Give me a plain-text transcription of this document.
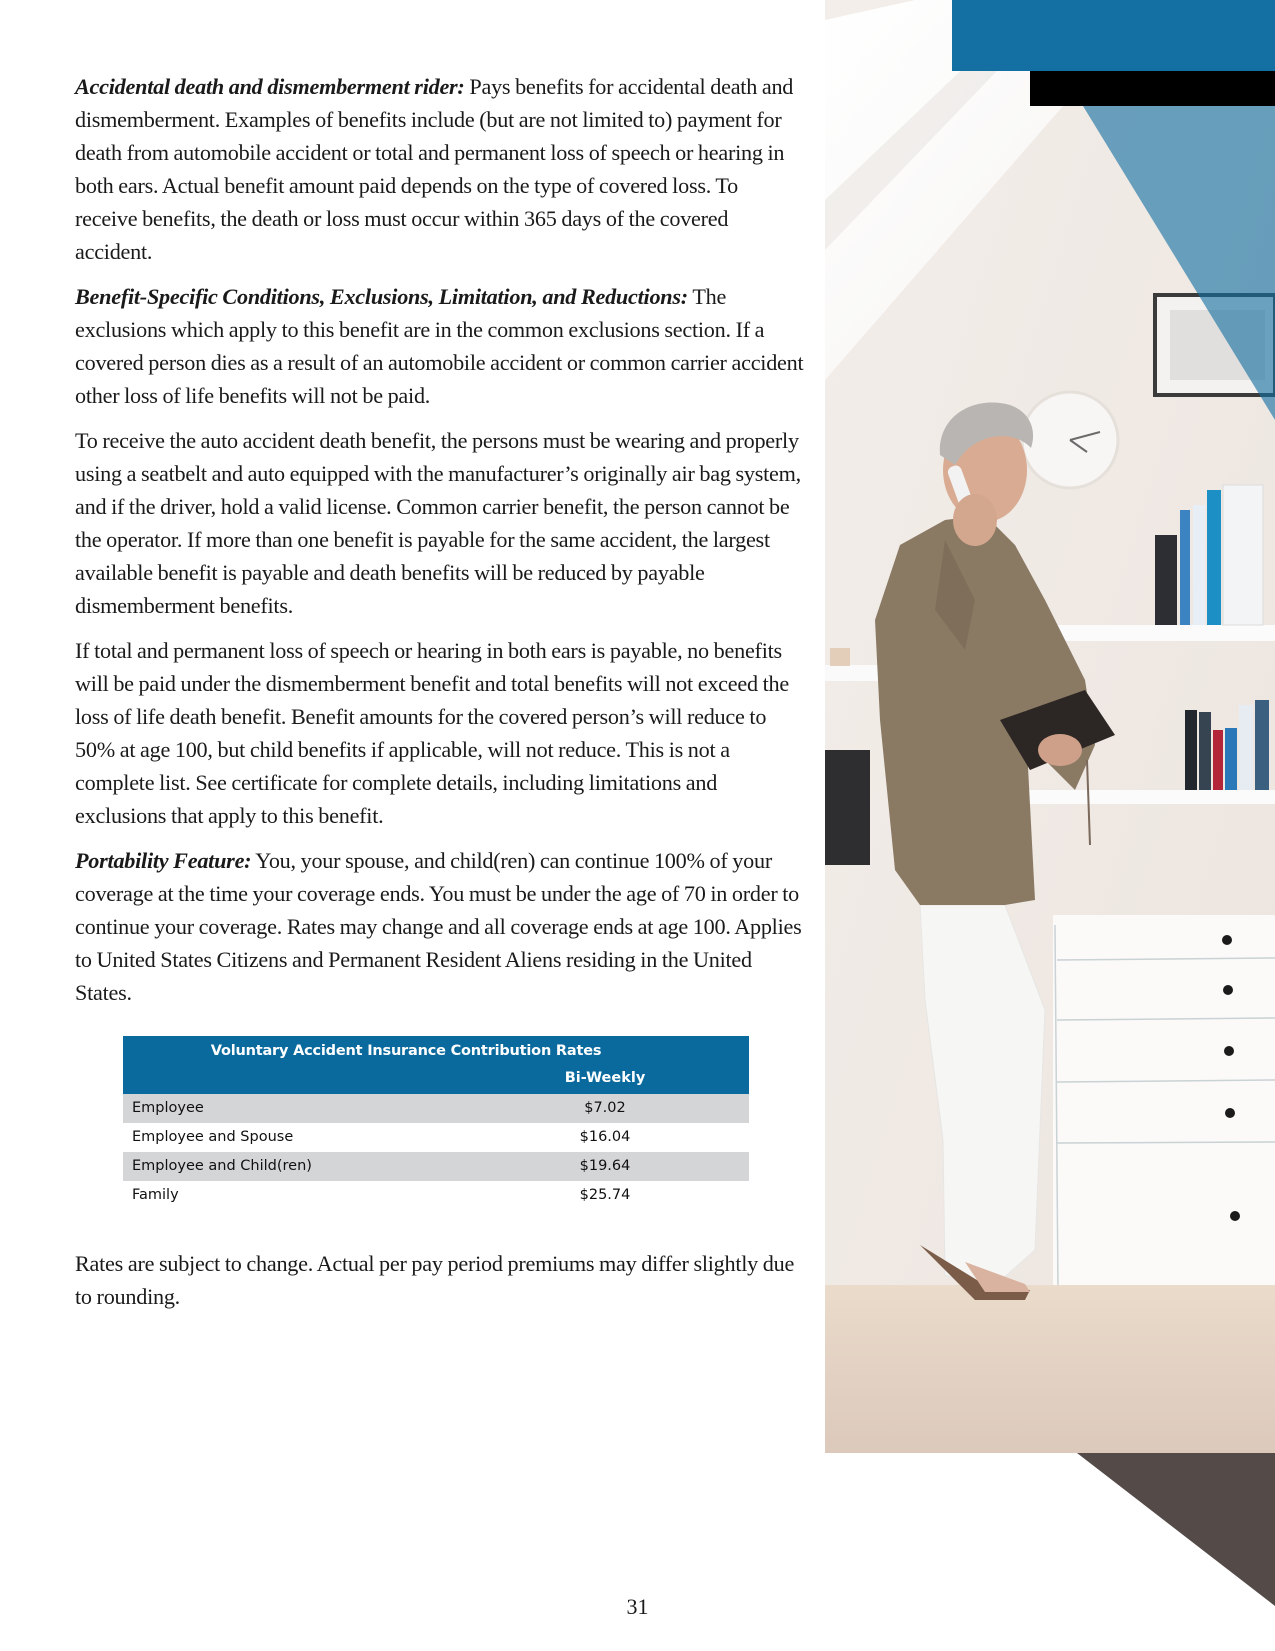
Accidental death and dismemberment rider: Pays benefits for accidental death and dismemberment. Examples of benefits include (but are not limited to) payment for death from automobile accident or total and permanent loss of speech or hearing in both ears. Actual benefit amount paid depends on the type of covered loss. To receive benefits, the death or loss must occur within 365 days of the covered accident.

Benefit-Specific Conditions, Exclusions, Limitation, and Reductions: The exclusions which apply to this benefit are in the common exclusions section. If a covered person dies as a result of an automobile accident or common carrier accident other loss of life benefits will not be paid.

To receive the auto accident death benefit, the persons must be wearing and properly using a seatbelt and auto equipped with the manufacturer’s originally air bag system, and if the driver, hold a valid license. Common carrier benefit, the person cannot be the operator. If more than one benefit is payable for the same accident, the largest available benefit is payable and death benefits will be reduced by payable dismemberment benefits.

If total and permanent loss of speech or hearing in both ears is payable, no benefits will be paid under the dismemberment benefit and total benefits will not exceed the loss of life death benefit. Benefit amounts for the covered person’s will reduce to 50% at age 100, but child benefits if applicable, will not reduce. This is not a complete list. See certificate for complete details, including limitations and exclusions that apply to this benefit.

Portability Feature: You, your spouse, and child(ren) can continue 100% of your coverage at the time your coverage ends. You must be under the age of 70 in order to continue your coverage. Rates may change and all coverage ends at age 100. Applies to United States Citizens and Permanent Resident Aliens residing in the United States.

Voluntary Accident Insurance Contribution Rates
Bi-Weekly
Employee	$7.02
Employee and Spouse	$16.04
Employee and Child(ren)	$19.64
Family	$25.74
Rates are subject to change. Actual per pay period premiums may differ slightly due to rounding.
31
